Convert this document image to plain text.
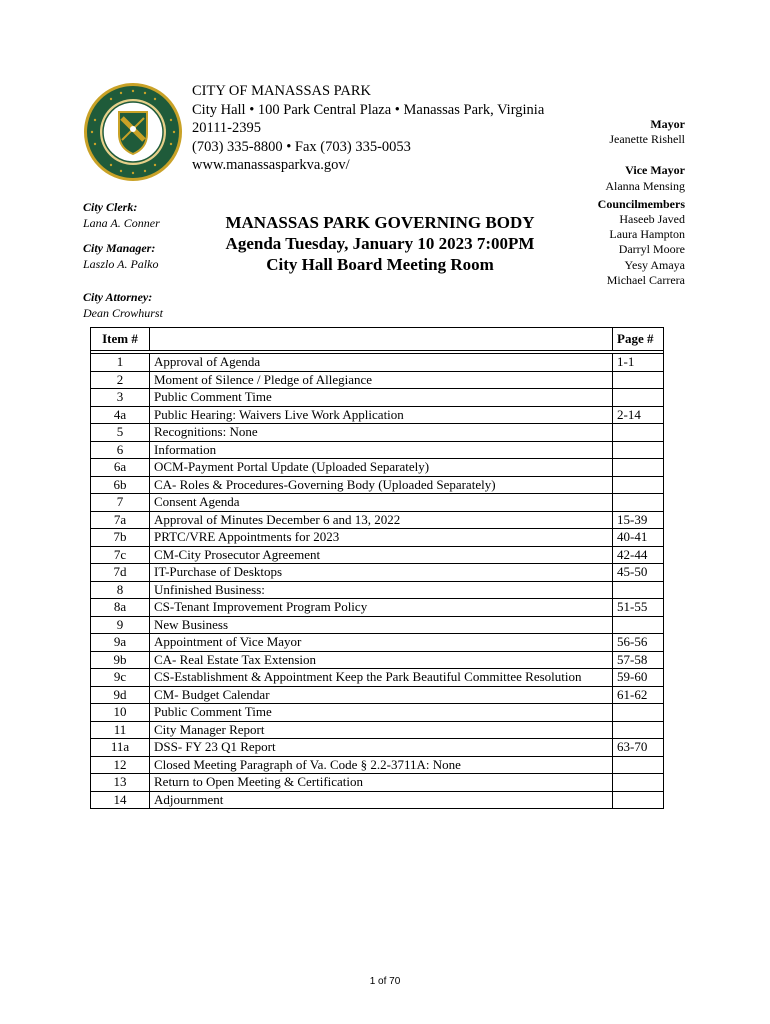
CITY OF MANASSAS PARK
City Hall • 100 Park Central Plaza • Manassas Park, Virginia
20111-2395
(703) 335-8800 • Fax (703) 335-0053
www.manassasparkva.gov/
City Clerk:
Lana A. Conner
City Manager:
Laszlo A. Palko
City Attorney:
Dean Crowhurst
MANASSAS PARK GOVERNING BODY
Agenda Tuesday, January 10 2023 7:00PM
City Hall Board Meeting Room
Mayor
Jeanette Rishell
Vice Mayor
Alanna Mensing
Councilmembers
Haseeb Javed
Laura Hampton
Darryl Moore
Yesy Amaya
Michael Carrera
Item #		Page #

1	Approval of Agenda	1-1
2	Moment of Silence / Pledge of Allegiance	
3	Public Comment Time	
4a	Public Hearing: Waivers Live Work Application	2-14
5	Recognitions: None	
6	Information	
6a	OCM-Payment Portal Update (Uploaded Separately)	
6b	CA- Roles & Procedures-Governing Body (Uploaded Separately)	
7	Consent Agenda	
7a	Approval of Minutes December 6 and 13, 2022	15-39
7b	PRTC/VRE Appointments for 2023	40-41
7c	CM-City Prosecutor Agreement	42-44
7d	IT-Purchase of Desktops	45-50
8	Unfinished Business:	
8a	CS-Tenant Improvement Program Policy	51-55
9	New Business	
9a	Appointment of Vice Mayor	56-56
9b	CA- Real Estate Tax Extension	57-58
9c	CS-Establishment & Appointment Keep the Park Beautiful Committee Resolution	59-60
9d	CM- Budget Calendar	61-62
10	Public Comment Time	
11	City Manager Report	
11a	DSS- FY 23 Q1 Report	63-70
12	Closed Meeting Paragraph of Va. Code § 2.2-3711A: None	
13	Return to Open Meeting & Certification	
14	Adjournment	
1 of 70
